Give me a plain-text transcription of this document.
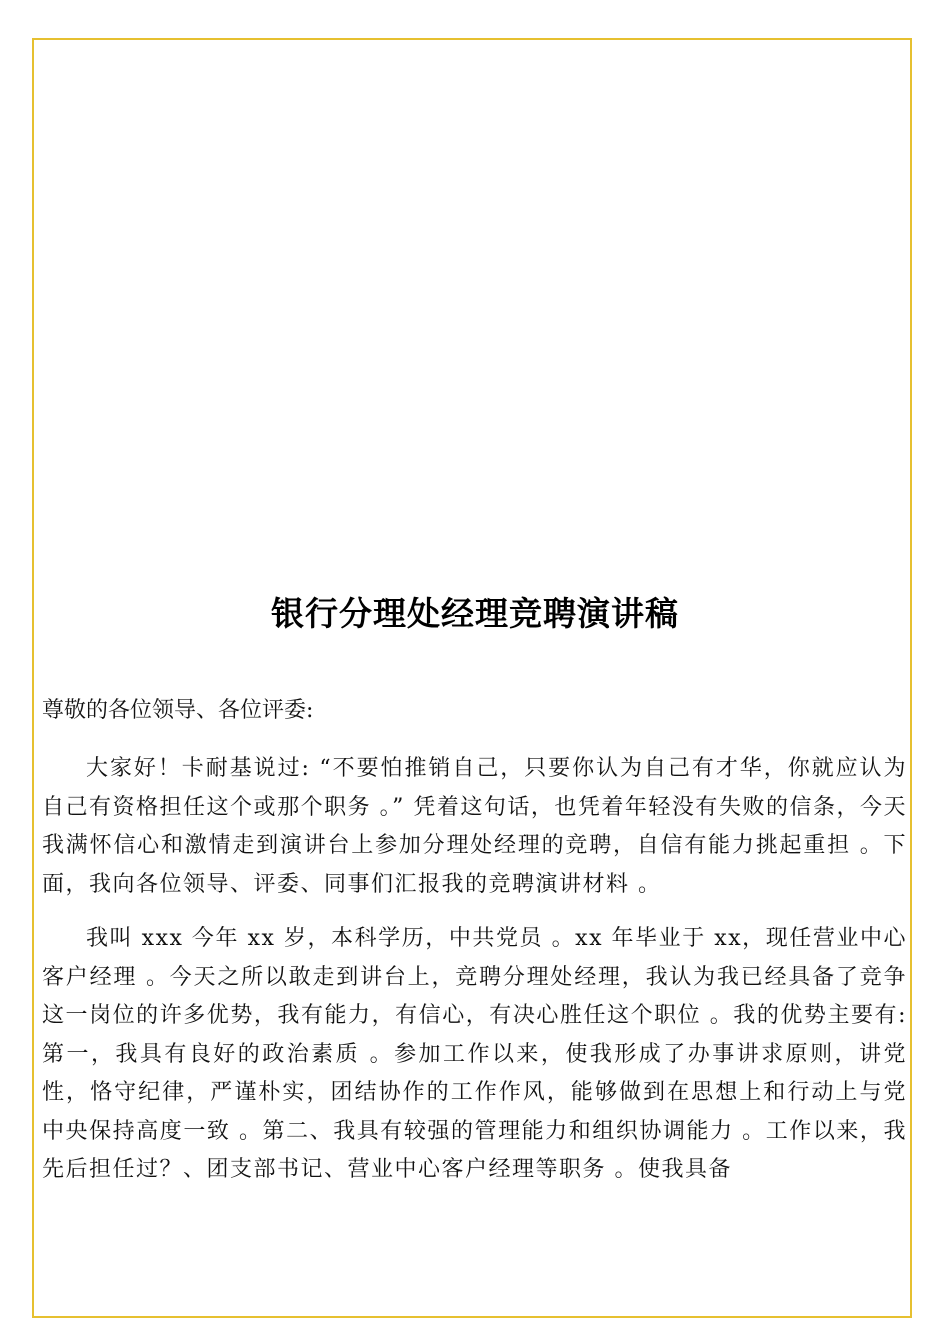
银行分理处经理竞聘演讲稿

尊敬的各位领导、各位评委:

大家好！卡耐基说过: “不要怕推销自己，只要你认为自己有才华，你就应认为自己有资格担任这个或那个职务 。” 凭着这句话，也凭着年轻没有失败的信条，今天我满怀信心和激情走到演讲台上参加分理处经理的竞聘，自信有能力挑起重担 。下面，我向各位领导、评委、同事们汇报我的竞聘演讲材料 。

我叫 xxx 今年 xx 岁，本科学历，中共党员 。xx 年毕业于 xx，现任营业中心客户经理 。今天之所以敢走到讲台上，竞聘分理处经理，我认为我已经具备了竞争这一岗位的许多优势，我有能力，有信心，有决心胜任这个职位 。我的优势主要有: 第一，我具有良好的政治素质 。参加工作以来，使我形成了办事讲求原则，讲党性，恪守纪律，严谨朴实，团结协作的工作作风，能够做到在思想上和行动上与党中央保持高度一致 。第二、我具有较强的管理能力和组织协调能力 。工作以来，我先后担任过？、团支部书记、营业中心客户经理等职务 。使我具备
